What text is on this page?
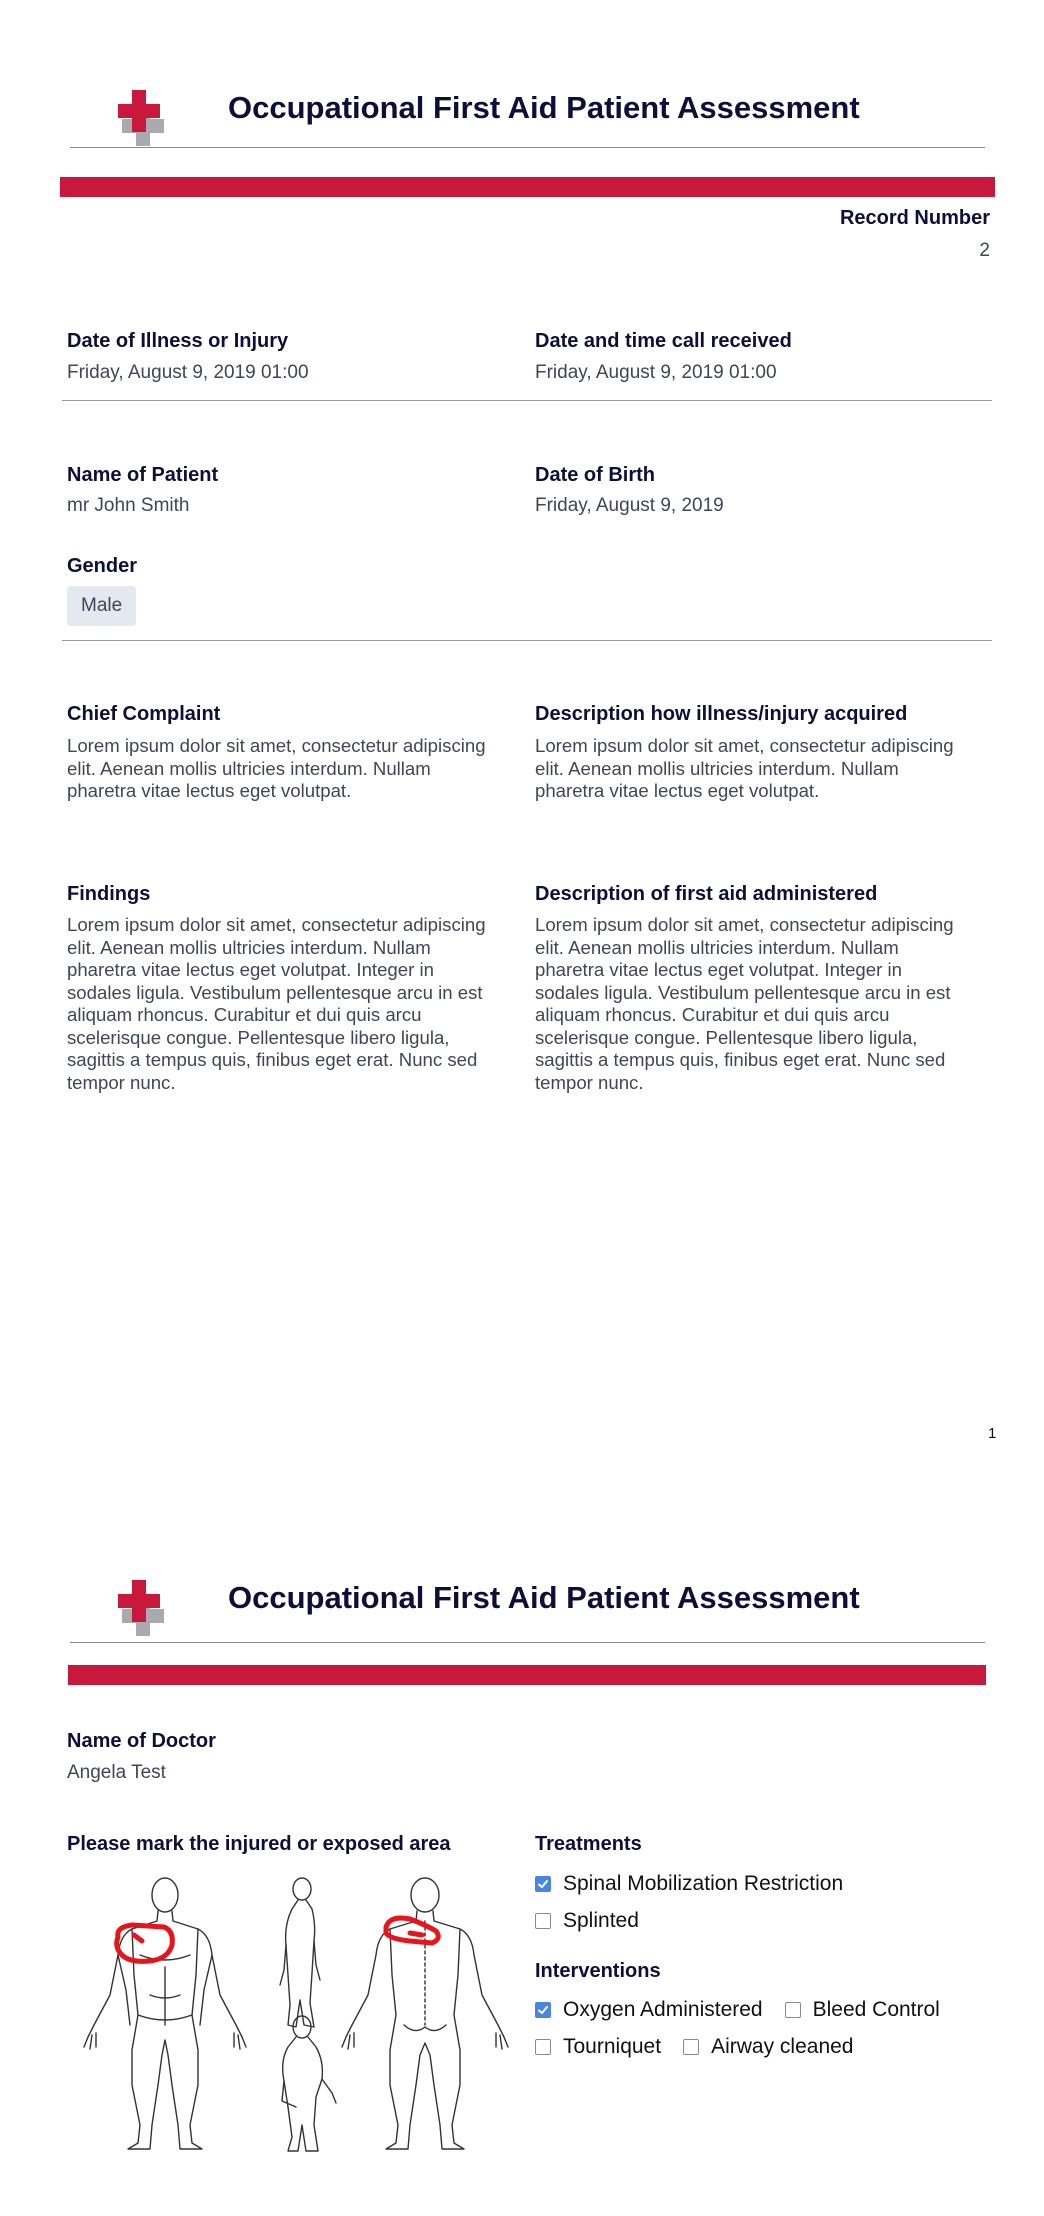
Occupational First Aid Patient Assessment
Record Number
2
Date of Illness or Injury
Friday, August 9, 2019 01:00
Date and time call received
Friday, August 9, 2019 01:00
Name of Patient
mr John Smith
Date of Birth
Friday, August 9, 2019
Gender
Male
Chief Complaint
Lorem ipsum dolor sit amet, consectetur adipiscing
elit. Aenean mollis ultricies interdum. Nullam
pharetra vitae lectus eget volutpat.
Description how illness/injury acquired
Lorem ipsum dolor sit amet, consectetur adipiscing
elit. Aenean mollis ultricies interdum. Nullam
pharetra vitae lectus eget volutpat.
Findings
Lorem ipsum dolor sit amet, consectetur adipiscing
elit. Aenean mollis ultricies interdum. Nullam
pharetra vitae lectus eget volutpat. Integer in
sodales ligula. Vestibulum pellentesque arcu in est
aliquam rhoncus. Curabitur et dui quis arcu
scelerisque congue. Pellentesque libero ligula,
sagittis a tempus quis, finibus eget erat. Nunc sed
tempor nunc.
Description of first aid administered
Lorem ipsum dolor sit amet, consectetur adipiscing
elit. Aenean mollis ultricies interdum. Nullam
pharetra vitae lectus eget volutpat. Integer in
sodales ligula. Vestibulum pellentesque arcu in est
aliquam rhoncus. Curabitur et dui quis arcu
scelerisque congue. Pellentesque libero ligula,
sagittis a tempus quis, finibus eget erat. Nunc sed
tempor nunc.
1
Occupational First Aid Patient Assessment
Name of Doctor
Angela Test
Please mark the injured or exposed area	Treatments
Spinal Mobilization Restriction
Splinted
Interventions
Oxygen Administered Bleed Control
Tourniquet Airway cleaned
